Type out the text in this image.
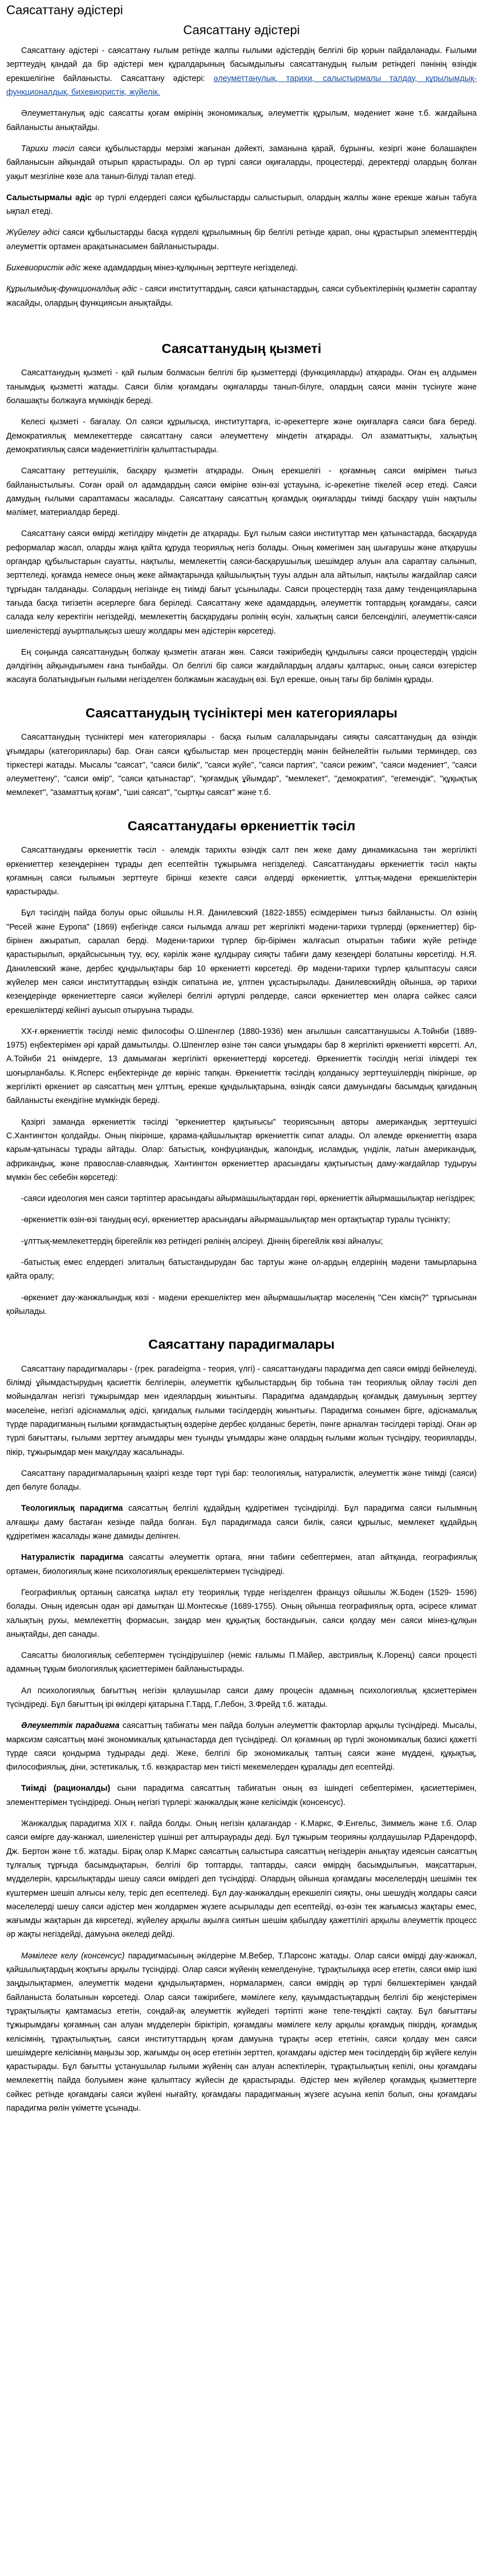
Саясаттану әдістері
Саясаттану әдістері

Саясаттану әдістері - саясаттану ғылым ретінде жалпы ғылыми әдістердің белгілі бір қорын пайдаланады. Ғылыми зерттеудің қандай да бір әдістері мен құралдарының басымдылығы саясаттанудың ғылым ретіндегі пәнінің өзіндік ерекшелігіне байланысты. Саясаттану әдістері: әлеуметтанулық, тарихи, салыстырмалы талдау, құрылымдық-функционалдық, бихевиористік, жүйелік.

Әлеуметтанулық әдіс саясатты қоғам өмірінің экономикалық, әлеуметтік құрылым, мәдениет және т.б. жағдайына байланысты анықтайды.

Тарихи тәсіл саяси құбылыстарды мерзімі жағынан дәйекті, заманына қарай, бұрынғы, кезіргі және болашақпен байланысын айқындай отырып қарастырады. Ол әр түрлі саяси оқиғаларды, процестерді, деректерді олардың болған уақыт мезгіліне көзе ала танып-білуді талап етеді.

Салыстырмалы әдіс әр түрлі елдердегі саяси құбылыстарды салыстырып, олардың жалпы және ерекше жағын табуға ықпал етеді.

Жүйелеу әдісі саяси құбылыстарды басқа күрделі құрылымның бір белгілі ретінде қарап, оны құрастырып элементтердің әлеуметтік ортамен арақатынасымен байланыстырады.

Бихевиористік әдіс жеке адамдардың мінез-құлқының зерттеуге негізделеді.

Құрылымдық-функционалдық әдіс - саяси институттардың, саяси қатынастардың, саяси субъектілерінің қызметін сараптау жасайды, олардың функциясын анықтайды.

Саясаттанудың қызметі

Саясаттанудың қызметі - қай ғылым болмасын белгілі бір қызметтерді (функцияларды) атқарады. Оған ең алдымен танымдық қызметті жатады. Саяси білім қоғамдағы оқиғаларды танып-білуге, олардың саяси мәнін түсінуге және болашақты болжауға мүмкіндік береді.

Келесі қызметі - бағалау. Ол саяси құрылысқа, институттарға, іс-әрекеттерге және оқиғаларға саяси баға береді. Демократиялық мемлекеттерде саясаттану саяси әлеуметтену міндетін атқарады. Ол азаматтықты, халықтың демократиялық саяси мәдениеттілігін қалыптастырады.

Саясаттану реттеушілік, басқару қызметін атқарады. Оның ерекшелігі - қоғамның саяси өмірімен тығыз байланыстылығы. Соған орай ол адамдардың саяси өміріне өзін-өзі ұстауына, іс-әрекетіне тікелей әсер етеді. Саяси дамудың ғылыми сараптамасы жасалады. Саясаттану саясаттың қоғамдық оқиғаларды тиімді басқару үшін нақтылы мәлімет, материалдар береді.

Саясаттану саяси өмірді жетілдіру міндетін де атқарады. Бұл ғылым саяси институттар мен қатынастарда, басқаруда реформалар жасап, оларды жаңа қайта құруда теориялық негіз болады. Оның көмегімен заң шығарушы және атқарушы органдар құбылыстарын сауатты, нақтылы, мемлекеттің саяси-басқарушылық шешімдер алуын ала сараптау салынып, зерттеледі, қоғамда немесе оның жеке аймақтарында қайшылықтың тууы алдын ала айтылып, нақтылы жағдайлар саяси тұрғыдан талданады. Солардың негізінде ең тиімді бағыт ұсынылады. Саяси процестердің таза даму тенденцияларына тағыда басқа тигізетін әсерлерге баға беріледі. Саясаттану жеке адамдардың, әлеуметтік топтардың қоғамдағы, саяси салада келу керектігін негіздейді, мемлекеттің басқарудағы ролінің өсуін, халықтың саяси белсенділігі, әлеуметтік-саяси шиеленістерді ауыртпалықсыз шешу жолдары мен әдістерін көрсетеді.

Ең соңында саясаттанудың болжау қызметін атаған жөн. Саяси тәжірибедің құндылығы саяси процестердің үрдісін дәлдігінің айқындығымен ғана тынбайды. Ол белгілі бір саяси жағдайлардың алдағы қалтарыс, оның саяси өзгерістер жасауға болатындығын ғылыми негізделген болжамын жасаудың өзі. Бұл ерекше, оның тағы бір бөлімін құрады.

Саясаттанудың түсініктері мен категориялары

Саясаттанудың түсініктері мен категориялары - басқа ғылым салаларындағы сияқты саясаттанудың да өзіндік ұғымдары (категориялары) бар. Оған саяси құбылыстар мен процестердің мәнін бейнелейтін ғылыми терминдер, сөз тіркестері жатады. Мысалы "саясат", "саяси билік", "саяси жүйе", "саяси партия", "саяси режим", "саяси мәдениет", "саяси әлеуметтену", "саяси өмір", "саяси қатынастар", "қоғамдық ұйымдар", "мемлекет", "демократия", "егемендік", "құқықтық мемлекет", "азаматтық қоғам", "шиі саясат", "сыртқы саясат" және т.б.

Саясаттанудағы өркениеттік тәсіл

Саясаттанудағы өркениеттік тәсіл - әлемдік тарихты өзіндік салт пен жеке даму динамикасына тән жергілікті өркениеттер кезеңдерінен тұрады деп есептейтін тұжырымға негізделеді. Саясаттанудағы өркениеттік тәсіл нақты қоғамның саяси ғылымын зерттеуге бірінші кезекте саяси әлдерді өркениеттік, ұлттық-мәдени ерекшеліктерін қарастырады.

Бұл тәсілдің пайда болуы орыс ойшылы Н.Я. Данилевский (1822-1855) есімдерімен тығыз байланысты. Ол өзінің "Ресей және Еуропа" (1869) еңбегінде саяси ғылымда алғаш рет жергілікті мәдени-тарихи түрлерді (өркениеттер) бір-бірінен ажыратып, саралап берді. Мәдени-тарихи түрлер бір-бірімен жалғасып отыратын табиғи жүйе ретінде қарастырылып, әрқайсысының туу, өсу, кәрілік және құлдырау сияқты табиғи даму кезеңдері болатыны көрсетілді. Н.Я. Данилевский және, дербес құндылықтары бар 10 өркениетті көрсетеді. Әр мәдени-тарихи түрлер қалыптасуы саяси жүйелер мен саяси институттардың өзіндік сипатына ие, ұлтпен ұқсастырылады. Данилевскийдің ойынша, әр тарихи кезеңдерінде өркениеттерге саяси жүйелері белгілі әртүрлі рөлдерде, саяси өркениеттер мен оларға сәйкес саяси ерекшеліктерді кейінгі ауысып отыруына тырады.

ХХ-ғ.өркениеттік тәсілді неміс философы О.Шпенглер (1880-1936) мен ағылшын саясаттанушысы А.Тойнби (1889-1975) еңбектерімен әрі қарай дамытылды. О.Шпенглер өзіне тән саяси ұғымдары бар 8 жергілікті өркениетті көрсетті. Ал, А.Тойнби 21 өнімдерге, 13 дамымаған жергілікті өркениеттерді көрсетеді. Өркениеттік тәсілдің негізі ілімдері тек шоғырланбалы. К.Ясперс еңбектерінде де көрініс тапқан. Өркениеттік тәсілдің қолданысу зерттеушілердің пікірінше, әр жергілікті өркениет әр саясаттың мен ұлттың, ерекше құндылықтарына, өзіндік саяси дамуындағы басымдық қағиданың байланысты екендігіне мүмкіндік береді.

Қазіргі заманда өркениеттік тәсілді "өркениеттер қақтығысы" теориясының авторы американдық зерттеушісі С.Хантингтон қолдайды. Оның пікірінше, қарама-қайшылықтар өркениеттік сипат алады. Ол әлемде өркениеттің өзара карым-қатынасы тұрады айтады. Олар: батыстық, конфуциандық, жапондық, исламдық, үнділік, латын американдық, африкандық, және православ-славяндық. Хантингтон өркениеттер арасындағы қақтығыстың даму-жағдайлар тудыруы мүмкін бес себебін көрсетеді:

-саяси идеология мен саяси тәртіптер арасындағы айырмашылықтардан гөрі, өркениеттік айырмашылықтар негіздірек;

-өркениеттік өзін-өзі танудың өсуі, өркениеттер арасындағы айырмашылықтар мен ортақтықтар туралы түсінікту;

-ұлттық-мемлекеттердің бірегейлік көз ретіндегі рөлінің әлсіреуі. Діннің бірегейлік көзі айналуы;

-батыстық емес елдердегі элиталың батыстандырудан бас тартуы және ол-ардың елдерінің мәдени тамырларына қайта оралу;

-өркениет дау-жанжалындық көзі - мәдени ерекшеліктер мен айырмашылықтар мәселенің "Сен кімсің?" тұрғысынан қойылады.

Саясаттану парадигмалары

Саясаттану парадигмалары - (грек. paradeigma - теория, үлгі) - саясаттанудағы парадигма деп саяси өмірді бейнелеуді, білімді ұйымдастырудың қасиеттік белгілерін, әлеуметтік құбылыстардың бір тобына тән теориялық ойлау тәсілі деп мойындалған негізгі тұжырымдар мен идеялардың жиынтығы. Парадигма адамдардың қоғамдық дамуының зерттеу мәселеіне, негізгі әдіснамалық әдісі, қағидалық ғылыми тәсілдердің жиынтығы. Парадигма сонымен бірге, әдіснамалық түрде парадигманың ғылыми қоғамдастықтың өздеріне дербес қолданыс беретін, пәнге арналған тәсілдері тәрізді. Оған әр түрлі бағыттағы, ғылыми зерттеу ағымдары мен туынды ұғымдары және олардың ғылыми жолын түсіндіру, теорияларды, пікір, тұжырымдар мен мақұлдау жасалынады.

Саясаттану парадигмаларының қазіргі кезде төрт түрі бар: теологиялық, натуралистік, әлеуметтік және тиімді (саяси) деп бөлуге болады.

Теологиялық парадигма саясаттың белгілі құдайдың құдіретімен түсіндірілді. Бұл парадигма саяси ғылымның алғашқы даму бастаған кезінде пайда болған. Бұл парадигмада саяси билік, саяси құрылыс, мемлекет құдайдың құдіретімен жасалады және дамиды делінген.

Натуралистік парадигма саясатты әлеуметтік ортаға, яғни табиғи себептермен, атап айтқанда, географиялық ортамен, биологиялық және психологиялық ерекшеліктермен түсіндіреді.

Географиялық ортаның саясатқа ықпал ету теориялық түрде негізделген француз ойшылы Ж.Боден (1529- 1596) болады. Оның идеясын одан әрі дамытқан Ш.Монтескье (1689-1755). Оның ойынша географиялық орта, әсіресе климат халықтың рухы, мемлекеттің формасын, заңдар мен құқықтық бостандығын, саяси қолдау мен саяси мінез-құлқын анықтайды, деп санады.

Саясатты биологиялық себептермен түсіндірушілер (неміс ғалымы П.Мäйер, австриялық К.Лоренц) саяси процесті адамның тұқым биологиялық қасиеттерімен байланыстырады.

Ал психологиялық бағыттың негізін қалаушылар саяси даму процесін адамның психологиялық қасиеттерімен түсіндіреді. Бұл бағыттың ірі өкілдері қатарына Г.Тард, Г.Лебон, З.Фрейд т.б. жатады.

Әлеуметтік парадигма саясаттың табиғаты мен пайда болуын әлеуметтік факторлар арқылы түсіндіреді. Мысалы, марксизм саясаттың мәні экономикалық қатынастарда деп түсіндіреді. Ол қоғамның әр түрлі экономикалық базисі қажетті түрде саяси қондырма тудырады деді. Жеке, белгілі бір экономикалық таптың саяси және мүддені, құқықтық, философиялық, діни, эстетикалық, т.б. көзқарастар мен тиісті мекемелерден құралады деп есептейді.

Тиімді (рационалды) сыни парадигма саясаттың табиғатын оның өз ішіндегі себептерімен, қасиеттерімен, элементтерімен түсіндіреді. Оның негізгі түрлері: жанжалдық және келісімдік (консенсус).

Жанжалдық парадигма ХІХ ғ. пайда болды. Оның негізін қалағандар - К.Маркс, Ф.Енгельс, Зиммель және т.б. Олар саяси өмірге дау-жанжал, шиеленістер үшінші рет алтыраурады деді. Бұл тұжырым теорияны қолдаушылар Р.Дарендорф, Дж. Бертон және т.б. жатады. Бірақ олар К.Маркс саясаттың салыстыра саясаттың негіздерін анықтау идеясын саясаттың тұлғалық тұрғыда басымдықтарын, белгілі бір топтарды, таптарды, саяси өмірдің басымдылығын, мақсаттарын, мүдделерін, қарсылықтарды шешу саяси өмірдегі деп түсіндірді. Олардың ойынша қоғамдағы мәселелердің шешімін тек күштермен шешіп алғысы келу, теріс деп есептеледі. Бұл дау-жанжалдың ерекшелігі сияқты, оны шешудің жолдары саяси мәселелерді шешу саяси әдістер мен жолдармен жүзеге асырылады деп есептейді, өз-өзін тек жағымсыз жақтары емес, жағымды жақтарын да көрсетеді, жүйелеу арқылы ақылға сиятын шешім қабылдау қажеттілігі арқылы әлеуметтік процесс әр жақты негіздейді, дамуына әкеледі дейді.

Мәмілеге келу (консенсус) парадигмасының әкілдеріне М.Вебер, Т.Парсонс жатады. Олар саяси өмірді дау-жанжал, қайшылықтардың жоқтығы арқылы түсіндірді. Олар саяси жүйенің кемелденуіне, тұрақтылыққа әсер ететін, саяси өмір ішкі заңдылықтармен, әлеуметтік мәдени құндылықтармен, нормалармен, саяси өмірдің әр түрлі бөлшектерімен қандай байланыста болатынын көрсетеді. Олар саяси тәжірибеге, мәмілеге келу, қауымдастықтардың белгілі бір жеңістерімен тұрақтылықты қамтамасыз ететін, сондай-ақ әлеуметтік жүйедегі тәртіпті және тепе-теңдікті сақтау. Бұл бағыттағы тұжырымдағы қоғамның сан алуан мүдделерін біріктіріп, қоғамдағы мәмілеге келу арқылы қоғамдық пікірдің, қоғамдық келісімнің, тұрақтылықтың, саяси институттардың қоғам дамуына тұрақты әсер ететінін, саяси қолдау мен саяси шешімдерге келісімнің маңызы зор, жағымды оң әсер ететінін зерттеп, қоғамдағы әдістер мен тәсілдердің бір жүйеге келуін қарастырады. Бұл бағытты ұстанушылар ғылыми жүйенің сан алуан аспектілерін, тұрақтылықтың кепілі, оны қоғамдағы мемлекеттің пайда болуымен және қалыптасу жүйесін де қарастырады. Әдістер мен жүйелер қоғамдық қызметтерге сәйкес ретінде қоғамдағы саяси жүйені нығайту, қоғамдағы парадигманың жүзеге асуына кепіл болып, оны қоғамдағы парадигма рөлін үкіметте ұсынады.
